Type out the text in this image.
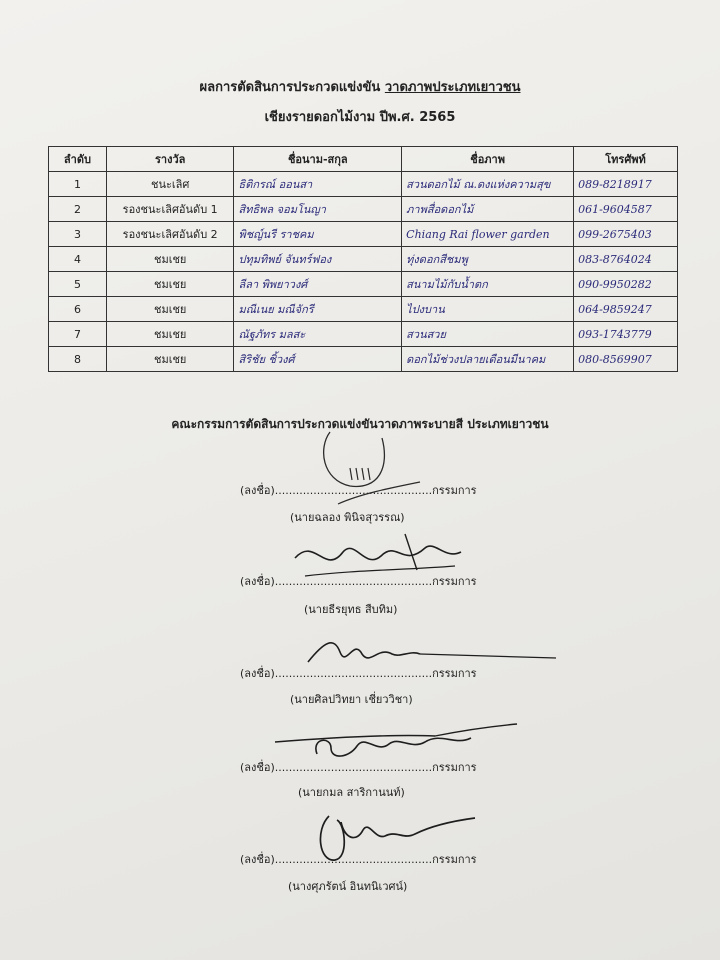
ผลการตัดสินการประกวดแข่งขัน วาดภาพประเภทเยาวชน
เชียงรายดอกไม้งาม ปีพ.ศ. 2565
ลำดับ	รางวัล	ชื่อนาม-สกุล	ชื่อภาพ	โทรศัพท์
1	ชนะเลิศ	ธิติกรณ์ ออนสา	สวนดอกไม้ ณ.ดงแห่งความสุข	089-8218917
2	รองชนะเลิศอันดับ 1	สิทธิพล จอมโนญา	ภาพสื่อดอกไม้	061-9604587
3	รองชนะเลิศอันดับ 2	พิชญ์นรี ราชคม	Chiang Rai flower garden	099-2675403
4	ชมเชย	ปทุมทิพย์ จันทร์ฟอง	ทุ่งดอกสีชมพู	083-8764024
5	ชมเชย	ลีลา พิพยาวงศ์	สนามไม้กับน้ำตก	090-9950282
6	ชมเชย	มณีเนย มณีจักรี	ไปงบาน	064-9859247
7	ชมเชย	ณัฐภัทร มลสะ	สวนสวย	093-1743779
8	ชมเชย	สิริชัย ชิ้วงศ์	ดอกไม้ช่วงปลายเดือนมีนาคม	080-8569907
คณะกรรมการตัดสินการประกวดแข่งขันวาดภาพระบายสี ประเภทเยาวชน
(ลงชื่อ).............................................กรรมการ
(นายฉลอง พินิจสุวรรณ)
(ลงชื่อ).............................................กรรมการ
(นายธีรยุทธ สืบทิม)
(ลงชื่อ).............................................กรรมการ
(นายศิลปวิทยา เชี่ยววิชา)
(ลงชื่อ).............................................กรรมการ
(นายกมล สาริกานนท์)
(ลงชื่อ).............................................กรรมการ
(นางศุภรัตน์ อินทนิเวศน์)
